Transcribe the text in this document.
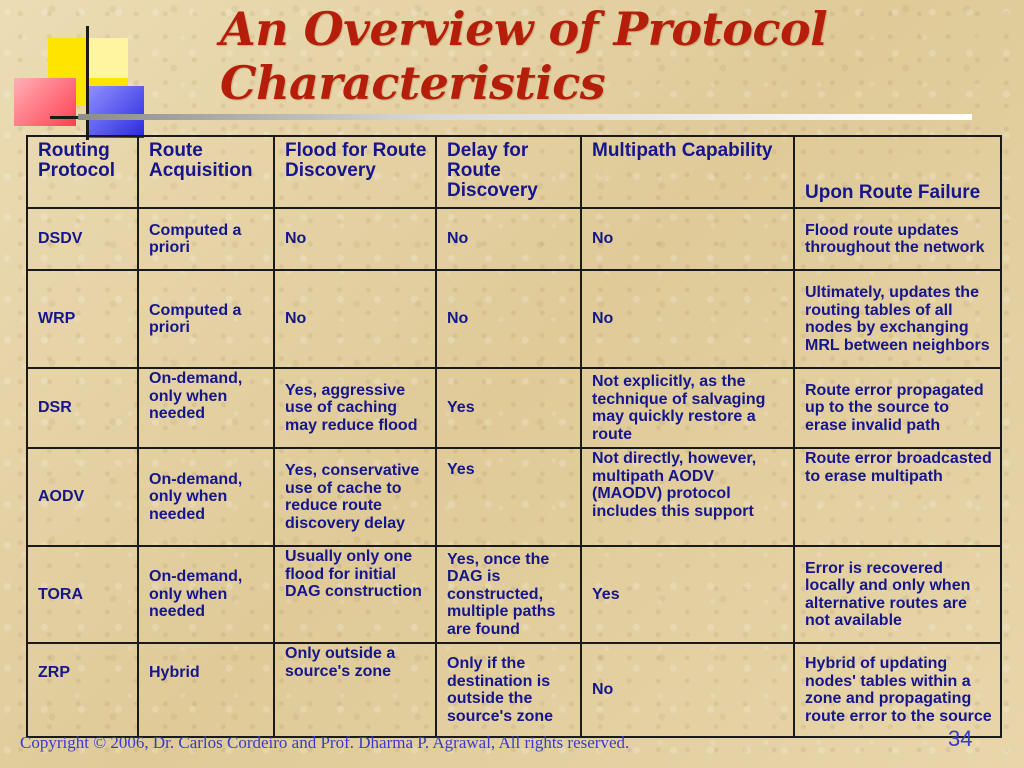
An Overview of Protocol
Characteristics
Routing Protocol	Route Acquisition	Flood for Route Discovery	Delay for Route Discovery	Multipath Capability	Upon Route Failure
DSDV	Computed a priori	No	No	No	Flood route updates throughout the network
WRP	Computed a priori	No	No	No	Ultimately, updates the routing tables of all nodes by exchanging MRL between neighbors
DSR	On-demand, only when needed	Yes, aggressive use of caching may reduce flood	Yes	Not explicitly, as the technique of salvaging may quickly restore a route	Route error propagated up to the source to erase invalid path
AODV	On-demand, only when needed	Yes, conservative use of cache to reduce route discovery delay	Yes	Not directly, however, multipath AODV (MAODV) protocol includes this support	Route error broadcasted to erase multipath
TORA	On-demand, only when needed	Usually only one flood for initial DAG construction	Yes, once the DAG is constructed, multiple paths are found	Yes	Error is recovered locally and only when alternative routes are not available
ZRP	Hybrid	Only outside a source's zone	Only if the destination is outside the source's zone	No	Hybrid of updating nodes' tables within a zone and propagating route error to the source
Copyright © 2006, Dr. Carlos Cordeiro and Prof. Dharma P. Agrawal, All rights reserved.	34
